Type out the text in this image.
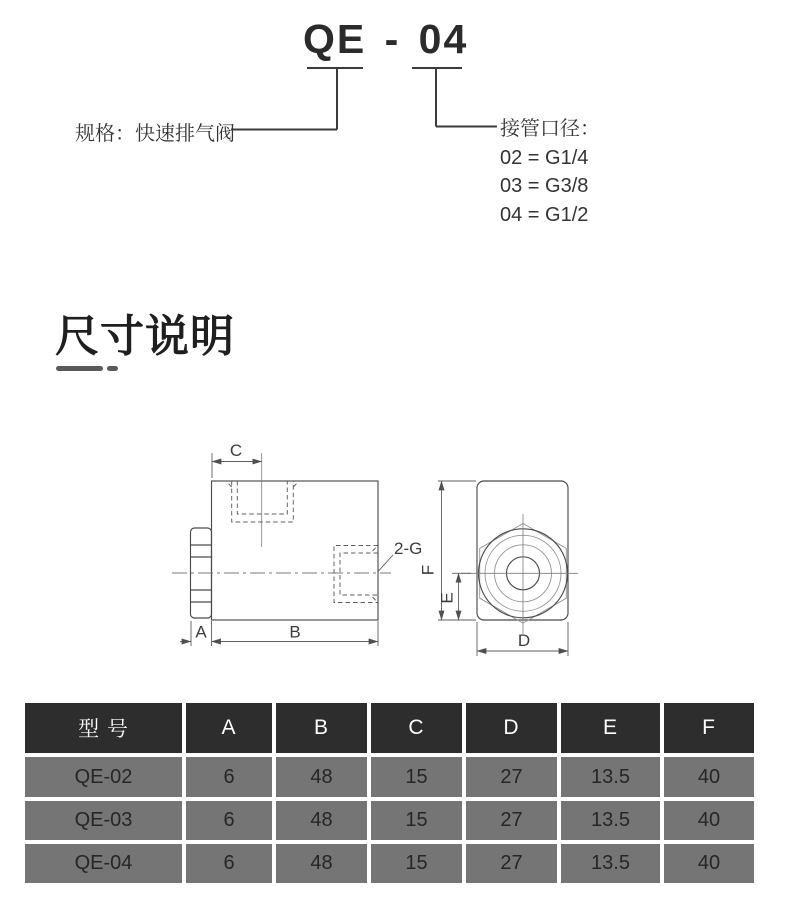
QE - 04
规格：快速排气阀	接管口径：
02 = G1/4
03 = G3/8
04 = G1/2
尺寸说明
C
A	B
2-G
F
E
D
型 号	A	B	C	D	E	F
QE-02	6	48	15	27	13.5	40
QE-03	6	48	15	27	13.5	40
QE-04	6	48	15	27	13.5	40
